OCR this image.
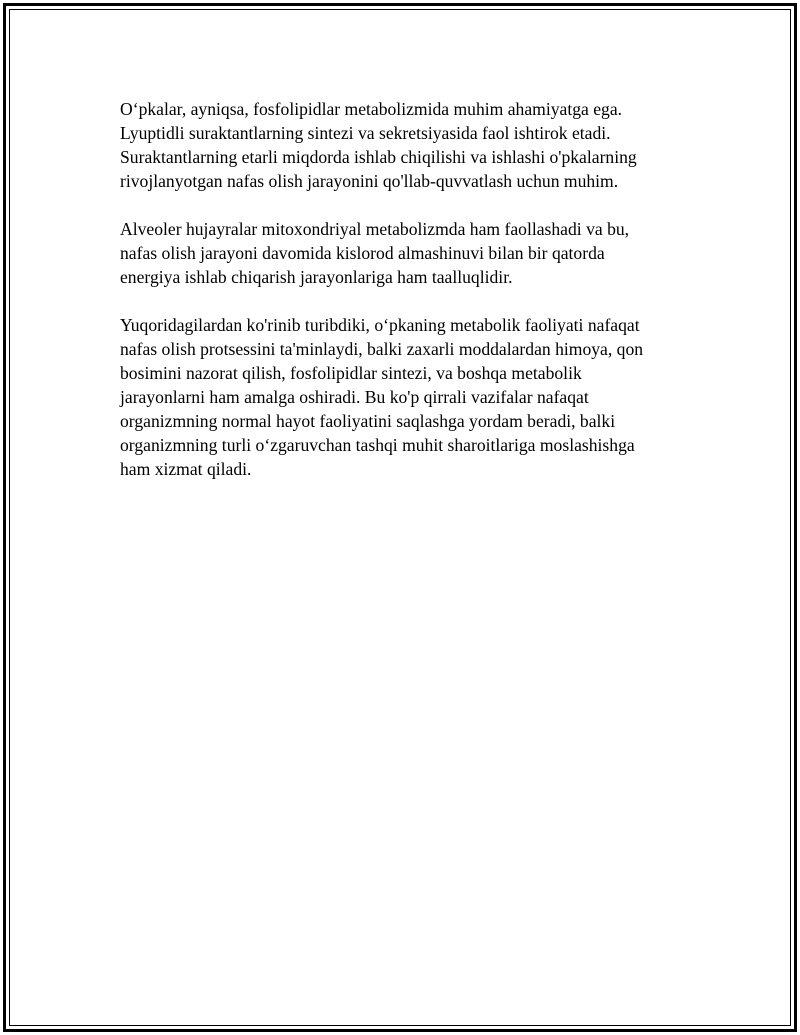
O‘pkalar, ayniqsa, fosfolipidlar metabolizmida muhim ahamiyatga ega.
Lyuptidli suraktantlarning sintezi va sekretsiyasida faol ishtirok etadi.
Suraktantlarning etarli miqdorda ishlab chiqilishi va ishlashi o'pkalarning
rivojlanyotgan nafas olish jarayonini qo'llab-quvvatlash uchun muhim.

Alveoler hujayralar mitoxondriyal metabolizmda ham faollashadi va bu,
nafas olish jarayoni davomida kislorod almashinuvi bilan bir qatorda
energiya ishlab chiqarish jarayonlariga ham taalluqlidir.

Yuqoridagilardan ko'rinib turibdiki, o‘pkaning metabolik faoliyati nafaqat
nafas olish protsessini ta'minlaydi, balki zaxarli moddalardan himoya, qon
bosimini nazorat qilish, fosfolipidlar sintezi, va boshqa metabolik
jarayonlarni ham amalga oshiradi. Bu ko'p qirrali vazifalar nafaqat
organizmning normal hayot faoliyatini saqlashga yordam beradi, balki
organizmning turli o‘zgaruvchan tashqi muhit sharoitlariga moslashishga
ham xizmat qiladi.
